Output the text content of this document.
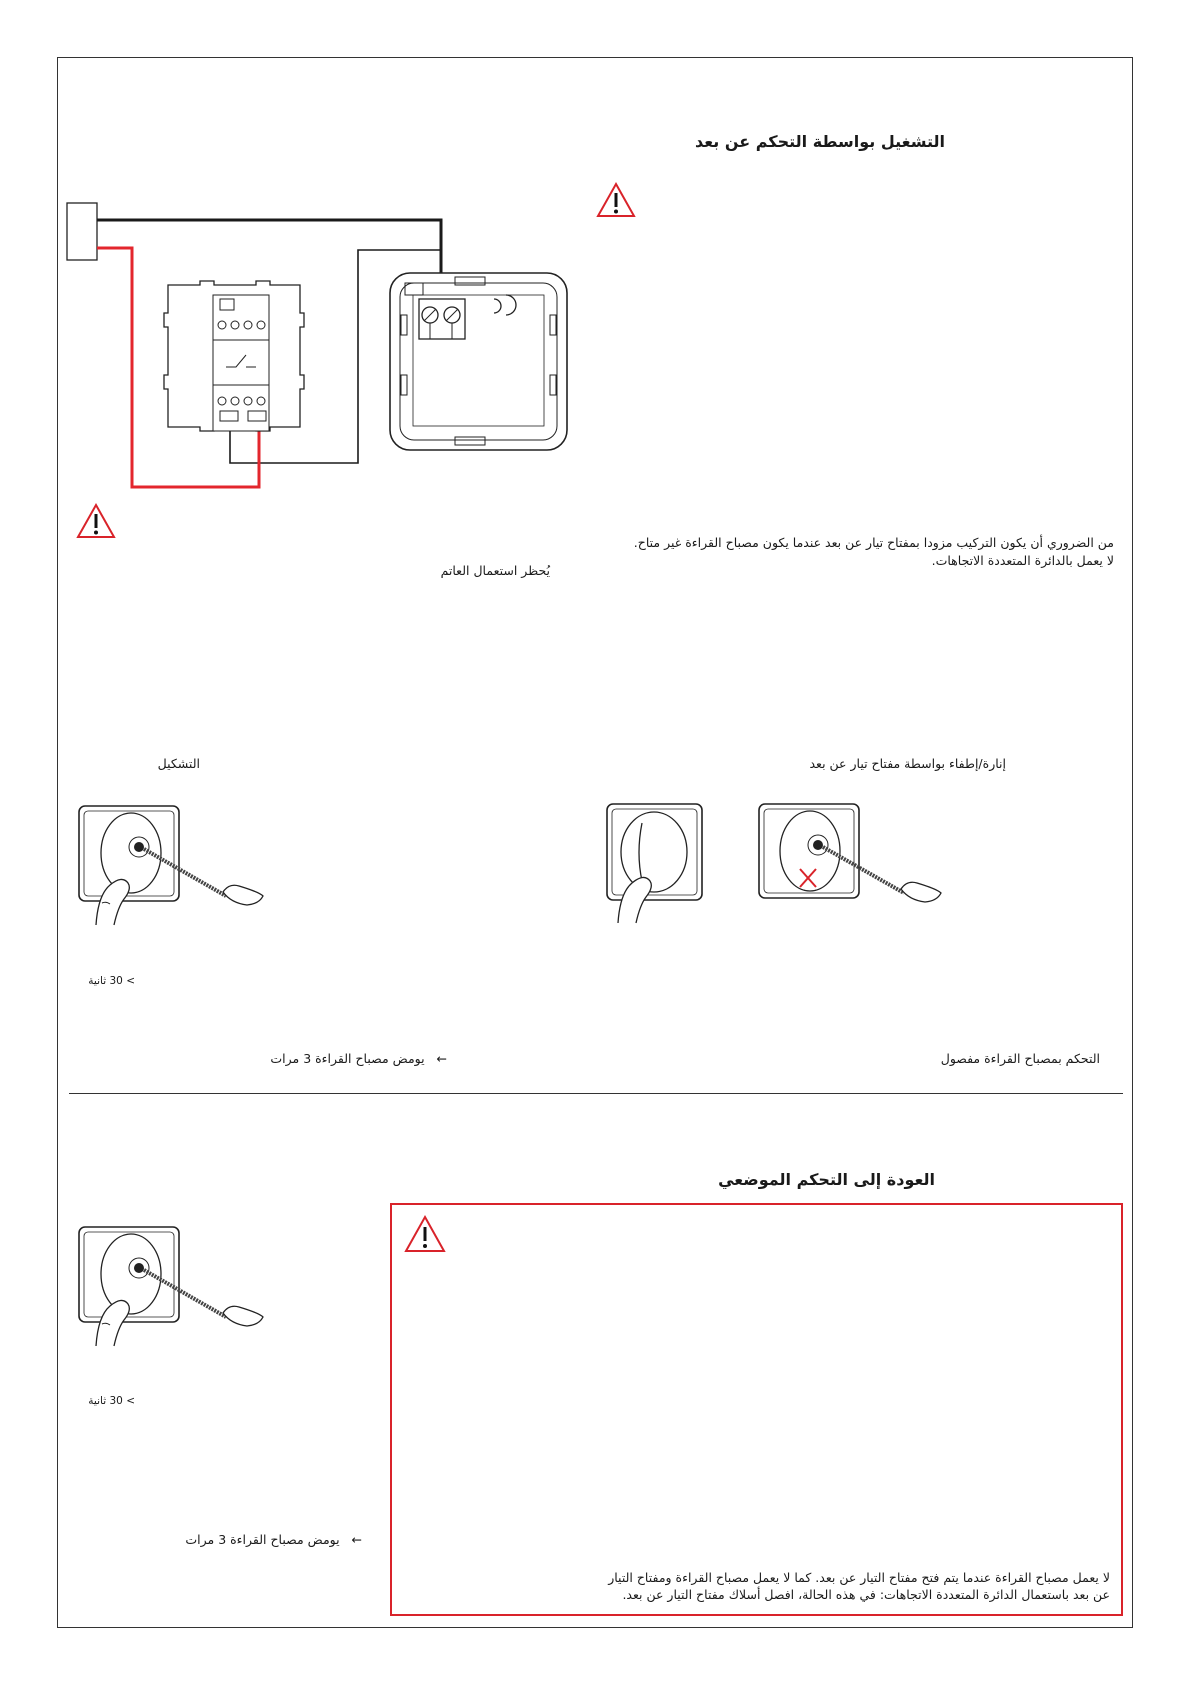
التشغيل بواسطة التحكم عن بعد
من الضروري أن يكون التركيب مزودا بمفتاح تيار عن بعد عندما يكون مصباح القراءة غير متاح.
لا يعمل بالدائرة المتعددة الاتجاهات.
يُحظر استعمال العاتم
التشكيل	إنارة/إطفاء بواسطة مفتاح تيار عن بعد
> 30 ثانية
←   يومض مصباح القراءة 3 مرات	التحكم بمصباح القراءة مفصول
العودة إلى التحكم الموضعي
> 30 ثانية
←   يومض مصباح القراءة 3 مرات
لا يعمل مصباح القراءة عندما يتم فتح مفتاح التيار عن بعد. كما لا يعمل مصباح القراءة ومفتاح التيار
عن بعد باستعمال الدائرة المتعددة الاتجاهات: في هذه الحالة، افصل أسلاك مفتاح التيار عن بعد.
